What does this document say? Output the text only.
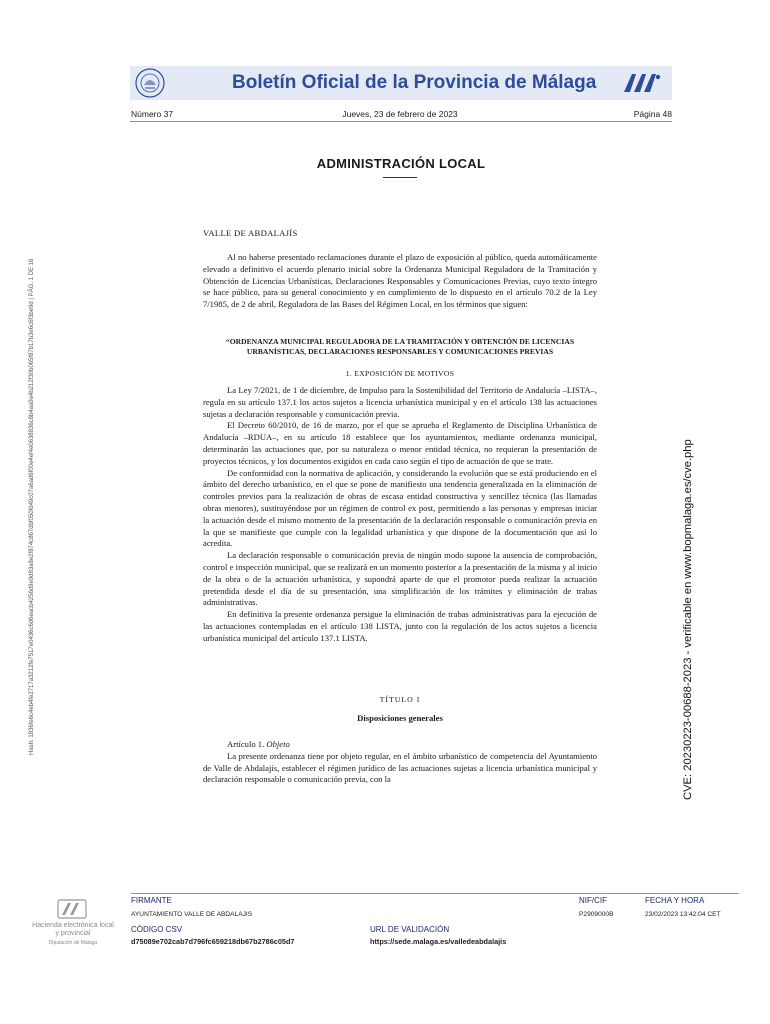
Boletín Oficial de la Provincia de Málaga
Número 37	Jueves, 23 de febrero de 2023	Página 48
ADMINISTRACIÓN LOCAL
VALLE DE ABDALAJÍS
Al no haberse presentado reclamaciones durante el plazo de exposición al público, queda automáticamente elevado a definitivo el acuerdo plenario inicial sobre la Ordenanza Municipal Reguladora de la Tramitación y Obtención de Licencias Urbanísticas, Declaraciones Responsables y Comunicaciones Previas, cuyo texto íntegro se hace público, para su general conocimiento y en cumplimiento de lo dispuesto en el artículo 70.2 de la Ley 7/1985, de 2 de abril, Reguladora de las Bases del Régimen Local, en los términos que siguen:
“ORDENANZA MUNICIPAL REGULADORA DE LA TRAMITACIÓN Y OBTENCIÓN DE LICENCIAS URBANÍSTICAS, DECLARACIONES RESPONSABLES Y COMUNICACIONES PREVIAS
1. EXPOSICIÓN DE MOTIVOS

La Ley 7/2021, de 1 de diciembre, de Impulso para la Sostenibilidad del Territorio de Andalucía –LISTA–, regula en su artículo 137.1 los actos sujetos a licencia urbanística municipal y en el artículo 138 las actuaciones sujetas a declaración responsable y comunicación previa.

El Decreto 60/2010, de 16 de marzo, por el que se aprueba el Reglamento de Disciplina Urbanística de Andalucía –RDUA–, en su artículo 18 establece que los ayuntamientos, mediante ordenanza municipal, determinarán las actuaciones que, por su naturaleza o menor entidad técnica, no requieran la presentación de proyectos técnicos, y los documentos exigidos en cada caso según el tipo de actuación de que se trate.

De conformidad con la normativa de aplicación, y considerando la evolución que se está produciendo en el ámbito del derecho urbanístico, en el que se pone de manifiesto una tendencia generalizada en la eliminación de controles previos para la realización de obras de escasa entidad constructiva y sencillez técnica (las llamadas obras menores), sustituyéndose por un régimen de control ex post, permitiendo a las personas y empresas iniciar la actuación desde el mismo momento de la presentación de la declaración responsable o comunicación previa en la que se manifieste que cumple con la legalidad urbanística y que dispone de la documentación que así lo acredita.

La declaración responsable o comunicación previa de ningún modo supone la ausencia de comprobación, control e inspección municipal, que se realizará en un momento posterior a la presentación de la misma y al inicio de la obra o de la actuación urbanística, y supondrá aparte de que el promotor pueda realizar la actuación pretendida desde el día de su presentación, una simplificación de los trámites y eliminación de trabas administrativas.

En definitiva la presente ordenanza persigue la eliminación de trabas administrativas para la ejecución de las actuaciones contempladas en el artículo 138 LISTA, junto con la regulación de los actos sujetos a licencia urbanística municipal del artículo 137.1 LISTA.

TÍTULO I
Disposiciones generales

Artículo 1. Objeto

La presente ordenanza tiene por objeto regular, en el ámbito urbanístico de competencia del Ayuntamiento de Valle de Abdalajís, establecer el régimen jurídico de las actuaciones sujetas a licencia urbanística municipal y declaración responsable o comunicación previa, con la

Hash: 1836fe6c4eb4fe2717a3212fe7517e0436c6d6eacb4256d9e9d83a8e2f874c867dbf050fd49c07a6ad6f00e4ef4e0638836c8b4aa9a4b212f30b065f87b17b3e6c6f3be9d | PÁG. 1 DE 16	CVE: 20230223-00688-2023 - verificable en www.bopmalaga.es/cve.php
Hacienda electrónica local y provincial
Diputación de Málaga
FIRMANTE
AYUNTAMIENTO VALLE DE ABDALAJIS
NIF/CIF
P2909000B
FECHA Y HORA
23/02/2023 13:42:04 CET
CÓDIGO CSV
d75089e702cab7d796fc659218db67b2786c05d7
URL DE VALIDACIÓN
https://sede.malaga.es/valledeabdalajis
